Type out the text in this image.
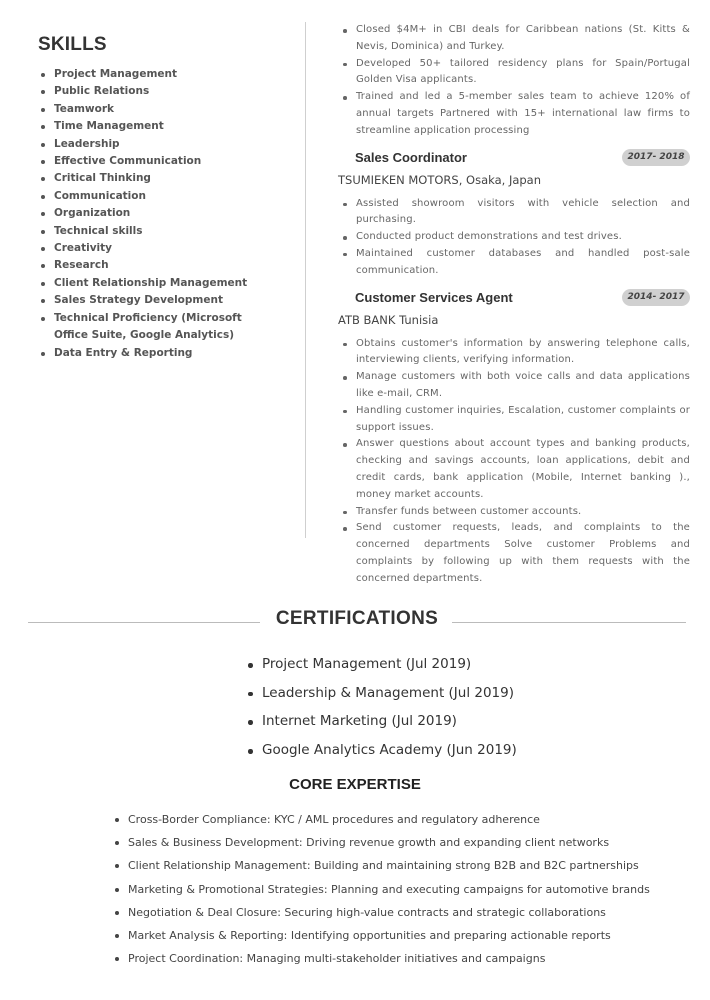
SKILLS
Project Management
Public Relations
Teamwork
Time Management
Leadership
Effective Communication
Critical Thinking
Communication
Organization
Technical skills
Creativity
Research
Client Relationship Management
Sales Strategy Development
Technical Proficiency (Microsoft
Office Suite, Google Analytics)
Data Entry & Reporting
Closed $4M+ in CBI deals for Caribbean nations (St. Kitts & Nevis, Dominica) and Turkey.
Developed 50+ tailored residency plans for Spain/Portugal Golden Visa applicants.
Trained and led a 5-member sales team to achieve 120% of annual targets Partnered with 15+ international law firms to streamline application processing
Sales Coordinator	2017- 2018
TSUMIEKEN MOTORS, Osaka, Japan
Assisted showroom visitors with vehicle selection and purchasing.
Conducted product demonstrations and test drives.
Maintained customer databases and handled post-sale communication.
Customer Services Agent	2014- 2017
ATB BANK Tunisia
Obtains customer's information by answering telephone calls, interviewing clients, verifying information.
Manage customers with both voice calls and data applications like e-mail, CRM.
Handling customer inquiries, Escalation, customer complaints or support issues.
Answer questions about account types and banking products, checking and savings accounts, loan applications, debit and credit cards, bank application (Mobile, Internet banking )., money market accounts.
Transfer funds between customer accounts.
Send customer requests, leads, and complaints to the concerned departments Solve customer Problems and complaints by following up with them requests with the concerned departments.
CERTIFICATIONS
Project Management (Jul 2019)
Leadership & Management (Jul 2019)
Internet Marketing (Jul 2019)
Google Analytics Academy (Jun 2019)
CORE EXPERTISE
Cross-Border Compliance: KYC / AML procedures and regulatory adherence
Sales & Business Development: Driving revenue growth and expanding client networks
Client Relationship Management: Building and maintaining strong B2B and B2C partnerships
Marketing & Promotional Strategies: Planning and executing campaigns for automotive brands
Negotiation & Deal Closure: Securing high-value contracts and strategic collaborations
Market Analysis & Reporting: Identifying opportunities and preparing actionable reports
Project Coordination: Managing multi-stakeholder initiatives and campaigns
